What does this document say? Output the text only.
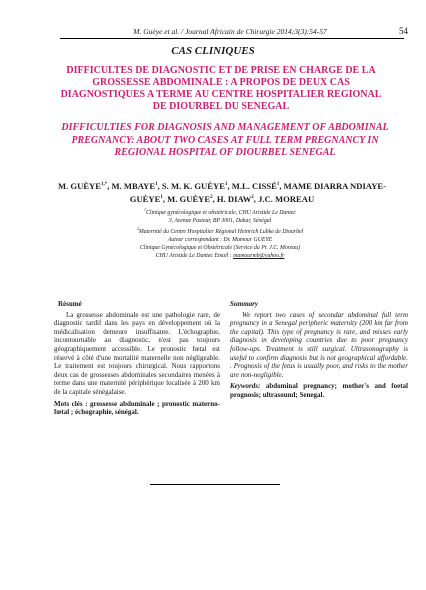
M. Guèye et al. / Journal Africain de Chirurgie 2014;3(3):54-57	54
CAS CLINIQUES
DIFFICULTES DE DIAGNOSTIC ET DE PRISE EN CHARGE DE LA GROSSESSE ABDOMINALE : A PROPOS DE DEUX CAS DIAGNOSTIQUES A TERME AU CENTRE HOSPITALIER REGIONAL DE DIOURBEL DU SENEGAL
DIFFICULTIES FOR DIAGNOSIS AND MANAGEMENT OF ABDOMINAL PREGNANCY: ABOUT TWO CASES AT FULL TERM PREGNANCY IN REGIONAL HOSPITAL OF DIOURBEL SENEGAL
M. $GUÈYE^{1,*}$, M. MBAYE$^1$, S. M. K. GUÈYE$^1$, M.L. CISSÉ$^1$, MAME DIARRA NDIAYE-GUÈYE$^1$, M. GUÈYE$^2$, H. DIAW$^2$, J.C. MOREAU
$^1$Clinique gynécologique et obstétricale, CHU Aristide Le Dantec
3, Avenue Pasteur, BP 3001, Dakar, Sénégal
$^2$Maternité du Centre Hospitalier Régional Heinrich Lubke de Diourbel
Auteur correspondant : Dr. Mamour GUEYE
Clinique Gynécologique et Obstétricale (Service du Pr. J.C. Moreau)
CHU Aristide Le Dantec Email : mamourmb@yahoo.fr
Résumé

La grossesse abdominale est une pathologie rare, de diagnostic tardif dans les pays en développement où la médicalisation demeure insuffisante. L'échographie, incontournable au diagnostic, n'est pas toujours géographiquement accessible. Le pronostic fœtal est réservé à côté d'une mortalité maternelle non négligeable. Le traitement est toujours chirurgical. Nous rapportons deux cas de grossesses abdominales secondaires menées à terme dans une maternité périphérique localisée à 200 km de la capitale sénégalaise.

Mots clés : grossesse abdominale ; pronostic materno-fœtal ; échographie, sénégal.
Summary

We report two cases of secondar abdominal full term pregnancy in a Senegal peripheric maternity (200 km far from the capital). This type of pregnancy is rare, and misses early diagnosis in developing countries due to poor pregnancy follow-ups. Treatment is still surgical. Ultrasonography is useful to confirm diagnosis but is not geographical affordable. . Prognosis of the fetus is usually poor, and risks to the mother are non-negligible.

Keywords: abdominal pregnancy; mother's and foetal prognosis; ultrasound; Senegal.
